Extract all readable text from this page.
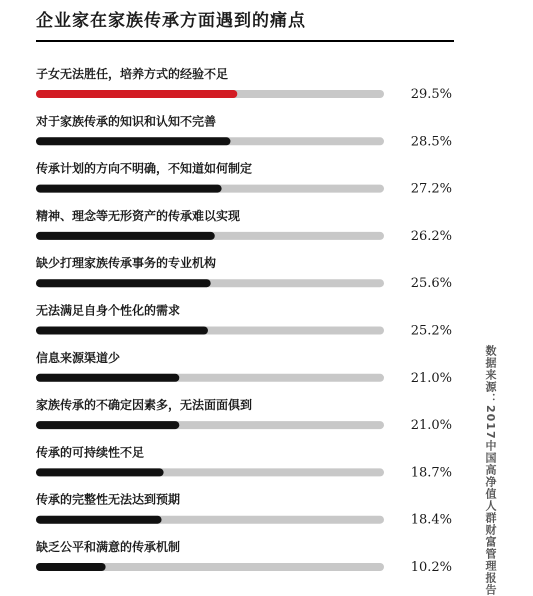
企业家在家族传承方面遇到的痛点
子女无法胜任，培养方式的经验不足
29.5%
对于家族传承的知识和认知不完善
28.5%
传承计划的方向不明确，不知道如何制定
27.2%
精神、理念等无形资产的传承难以实现
26.2%
缺少打理家族传承事务的专业机构
25.6%
无法满足自身个性化的需求
25.2%
信息来源渠道少
21.0%
家族传承的不确定因素多，无法面面俱到
21.0%
传承的可持续性不足
18.7%
传承的完整性无法达到预期
18.4%
缺乏公平和满意的传承机制
10.2%	数据来源：2017中国高净值人群财富管理报告
